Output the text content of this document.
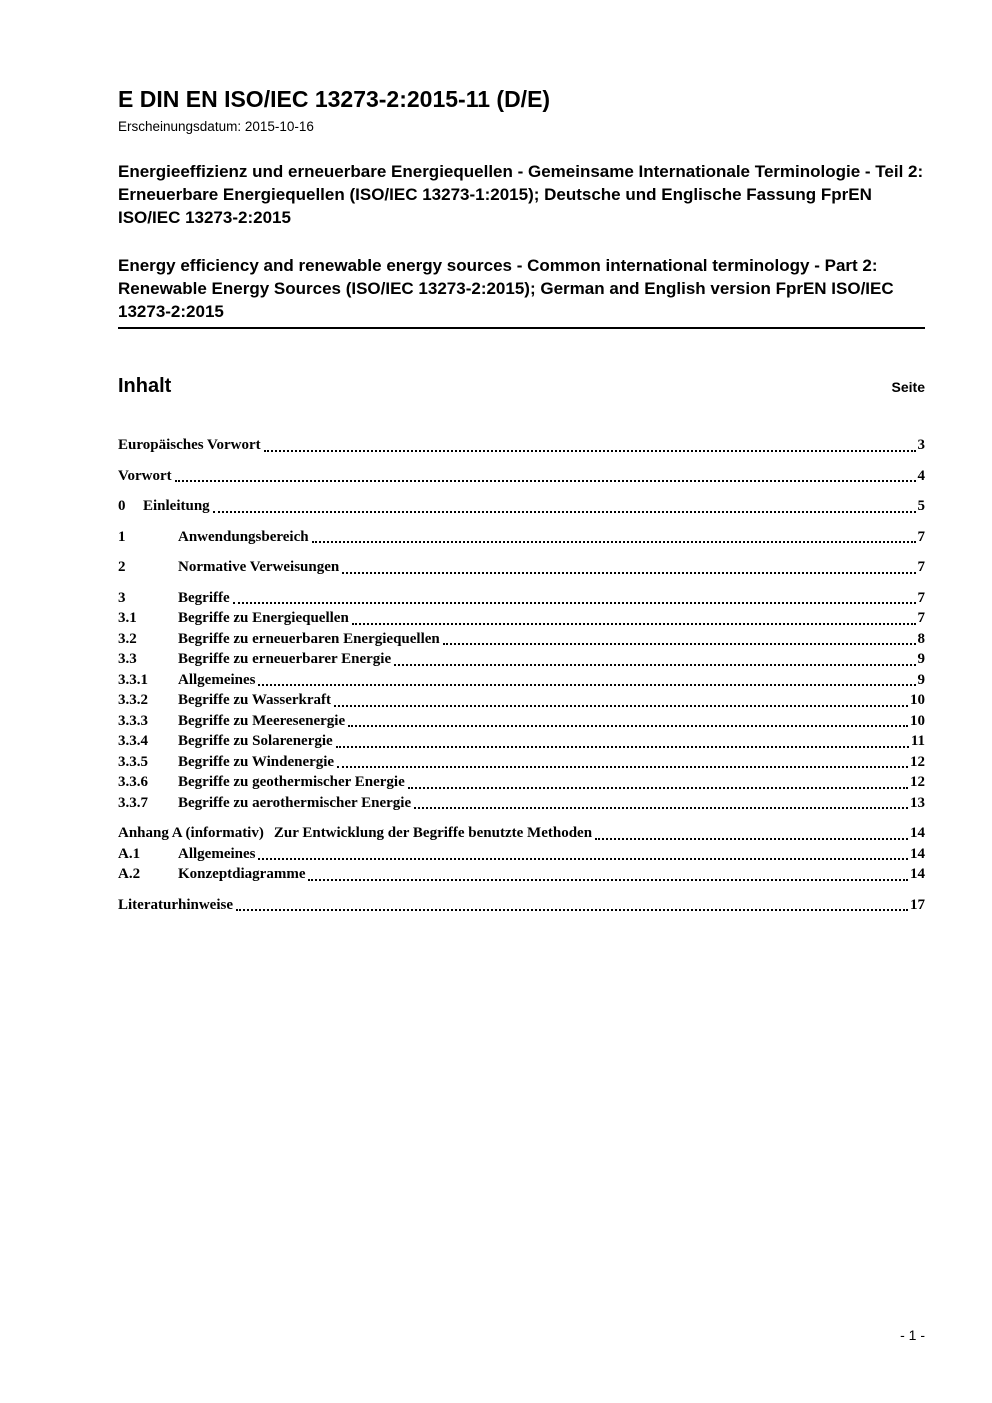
E DIN EN ISO/IEC 13273-2:2015-11 (D/E)
Erscheinungsdatum: 2015-10-16

Energieeffizienz und erneuerbare Energiequellen - Gemeinsame Internationale Terminologie - Teil 2: Erneuerbare Energiequellen (ISO/IEC 13273-1:2015); Deutsche und Englische Fassung FprEN ISO/IEC 13273-2:2015

Energy efficiency and renewable energy sources - Common international terminology - Part 2: Renewable Energy Sources (ISO/IEC 13273-2:2015); German and English version FprEN ISO/IEC 13273-2:2015

Inhalt	Seite
Europäisches Vorwort	3
Vorwort	4
0	Einleitung	5
1	Anwendungsbereich	7
2	Normative Verweisungen	7
3	Begriffe	7
3.1	Begriffe zu Energiequellen	7
3.2	Begriffe zu erneuerbaren Energiequellen	8
3.3	Begriffe zu erneuerbarer Energie	9
3.3.1	Allgemeines	9
3.3.2	Begriffe zu Wasserkraft	10
3.3.3	Begriffe zu Meeresenergie	10
3.3.4	Begriffe zu Solarenergie	11
3.3.5	Begriffe zu Windenergie	12
3.3.6	Begriffe zu geothermischer Energie	12
3.3.7	Begriffe zu aerothermischer Energie	13
Anhang A (informativ) Zur Entwicklung der Begriffe benutzte Methoden	14
A.1	Allgemeines	14
A.2	Konzeptdiagramme	14
Literaturhinweise	17
- 1 -
